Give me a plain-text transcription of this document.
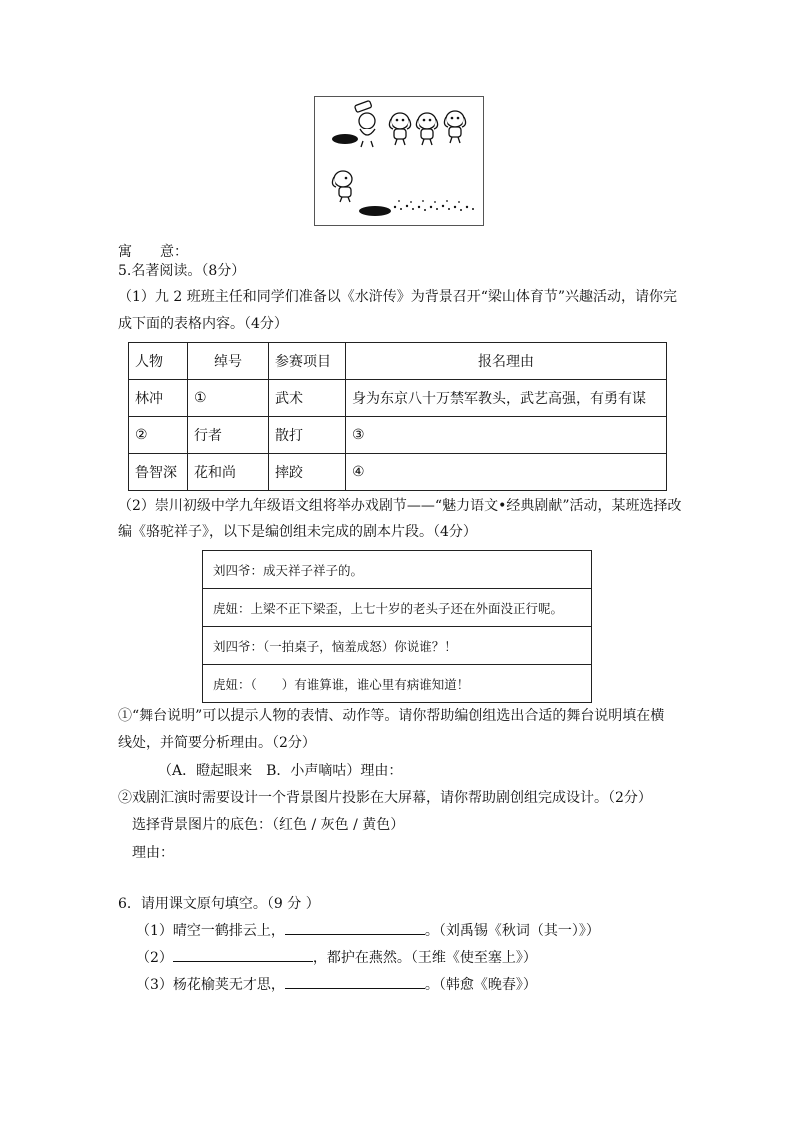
寓　　意：
5.名著阅读。（8分）
（1）九 2 班班主任和同学们准备以《水浒传》为背景召开“梁山体育节”兴趣活动，请你完
成下面的表格内容。（4分）
人物	绰号	参赛项目	报名理由
林冲	①	武术	身为东京八十万禁军教头，武艺高强，有勇有谋
②	行者	散打	③
鲁智深	花和尚	摔跤	④
（2）崇川初级中学九年级语文组将举办戏剧节——“魅力语文•经典剧献”活动，某班选择改
编《骆驼祥子》，以下是编创组未完成的剧本片段。（4分）
刘四爷：成天祥子祥子的。
虎妞：上梁不正下梁歪，上七十岁的老头子还在外面没正行呢。
刘四爷：（一拍桌子，恼羞成怒）你说谁？！
虎妞：（　　）有谁算谁，谁心里有病谁知道！
①“舞台说明”可以提示人物的表情、动作等。请你帮助编创组选出合适的舞台说明填在横
线处，并简要分析理由。（2分）
（A．瞪起眼来　B．小声嘀咕）理由：
②戏剧汇演时需要设计一个背景图片投影在大屏幕，请你帮助剧创组完成设计。（2分）
选择背景图片的底色：（红色 / 灰色 / 黄色）
理由：
6．请用课文原句填空。（9 分 ）
（1）晴空一鹤排云上，	。（刘禹锡《秋词（其一）》）
（2）	，都护在燕然。（王维《使至塞上》）
（3）杨花榆荚无才思，	。（韩愈《晚春》）
